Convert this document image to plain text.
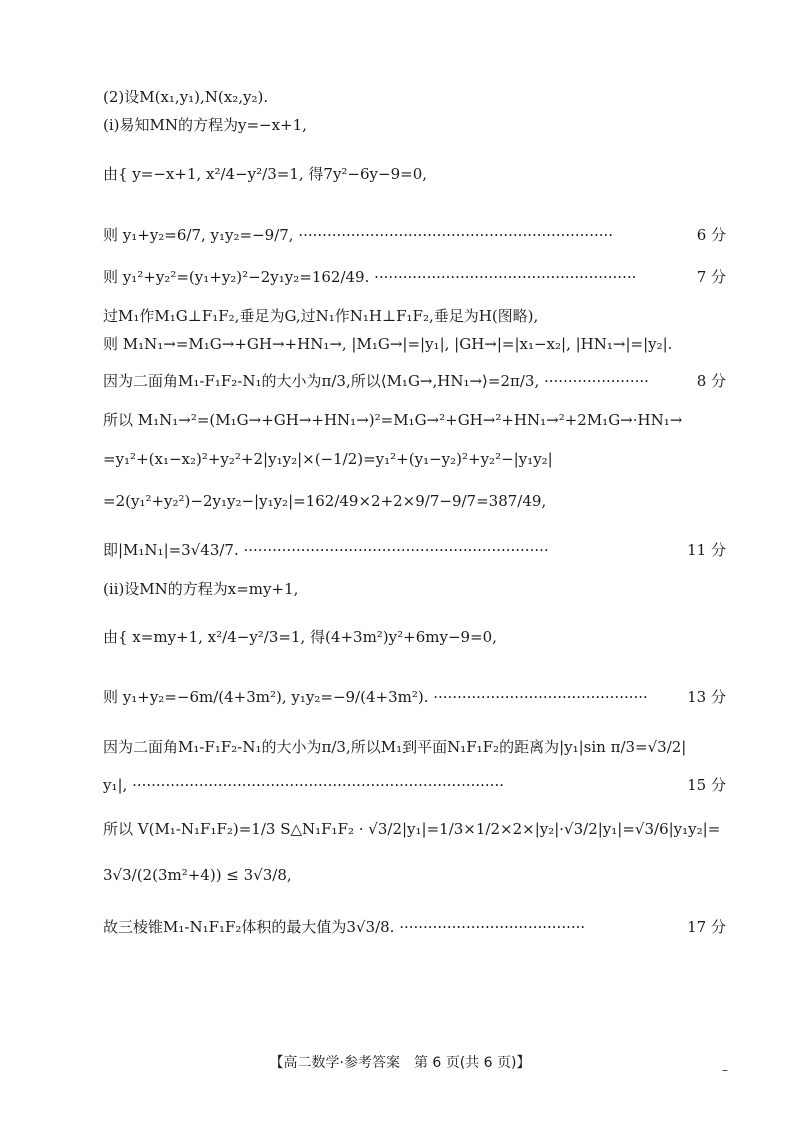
(2)设M(x₁,y₁),N(x₂,y₂).
(ⅰ)易知MN的方程为y=−x+1,
由{ y=−x+1, x²/4−y²/3=1, 得7y²−6y−9=0,
则 y₁+y₂=6/7, y₁y₂=−9/7, ··································································
则 y₁²+y₂²=(y₁+y₂)²−2y₁y₂=162/49. ·······················································
过M₁作M₁G⊥F₁F₂,垂足为G,过N₁作N₁H⊥F₁F₂,垂足为H(图略),
则 M₁N₁→=M₁G→+GH→+HN₁→, |M₁G→|=|y₁|, |GH→|=|x₁−x₂|, |HN₁→|=|y₂|.
因为二面角M₁-F₁F₂-N₁的大小为π/3,所以⟨M₁G→,HN₁→⟩=2π/3, ······················
所以 M₁N₁→²=(M₁G→+GH→+HN₁→)²=M₁G→²+GH→²+HN₁→²+2M₁G→·HN₁→
=y₁²+(x₁−x₂)²+y₂²+2|y₁y₂|×(−1/2)=y₁²+(y₁−y₂)²+y₂²−|y₁y₂|
=2(y₁²+y₂²)−2y₁y₂−|y₁y₂|=162/49×2+2×9/7−9/7=387/49,
即|M₁N₁|=3√43/7. ································································
(ⅱ)设MN的方程为x=my+1,
由{ x=my+1, x²/4−y²/3=1, 得(4+3m²)y²+6my−9=0,
则 y₁+y₂=−6m/(4+3m²), y₁y₂=−9/(4+3m²). ·············································
因为二面角M₁-F₁F₂-N₁的大小为π/3,所以M₁到平面N₁F₁F₂的距离为|y₁|sin π/3=√3/2|
y₁|, ··············································································
所以 V(M₁-N₁F₁F₂)=1/3 S△N₁F₁F₂ · √3/2|y₁|=1/3×1/2×2×|y₂|·√3/2|y₁|=√3/6|y₁y₂|=
3√3/(2(3m²+4)) ≤ 3√3/8,
故三棱锥M₁-N₁F₁F₂体积的最大值为3√3/8. ·······································
6 分
7 分
8 分
11 分
13 分
15 分
17 分
【高二数学·参考答案　第 6 页(共 6 页)】	–
